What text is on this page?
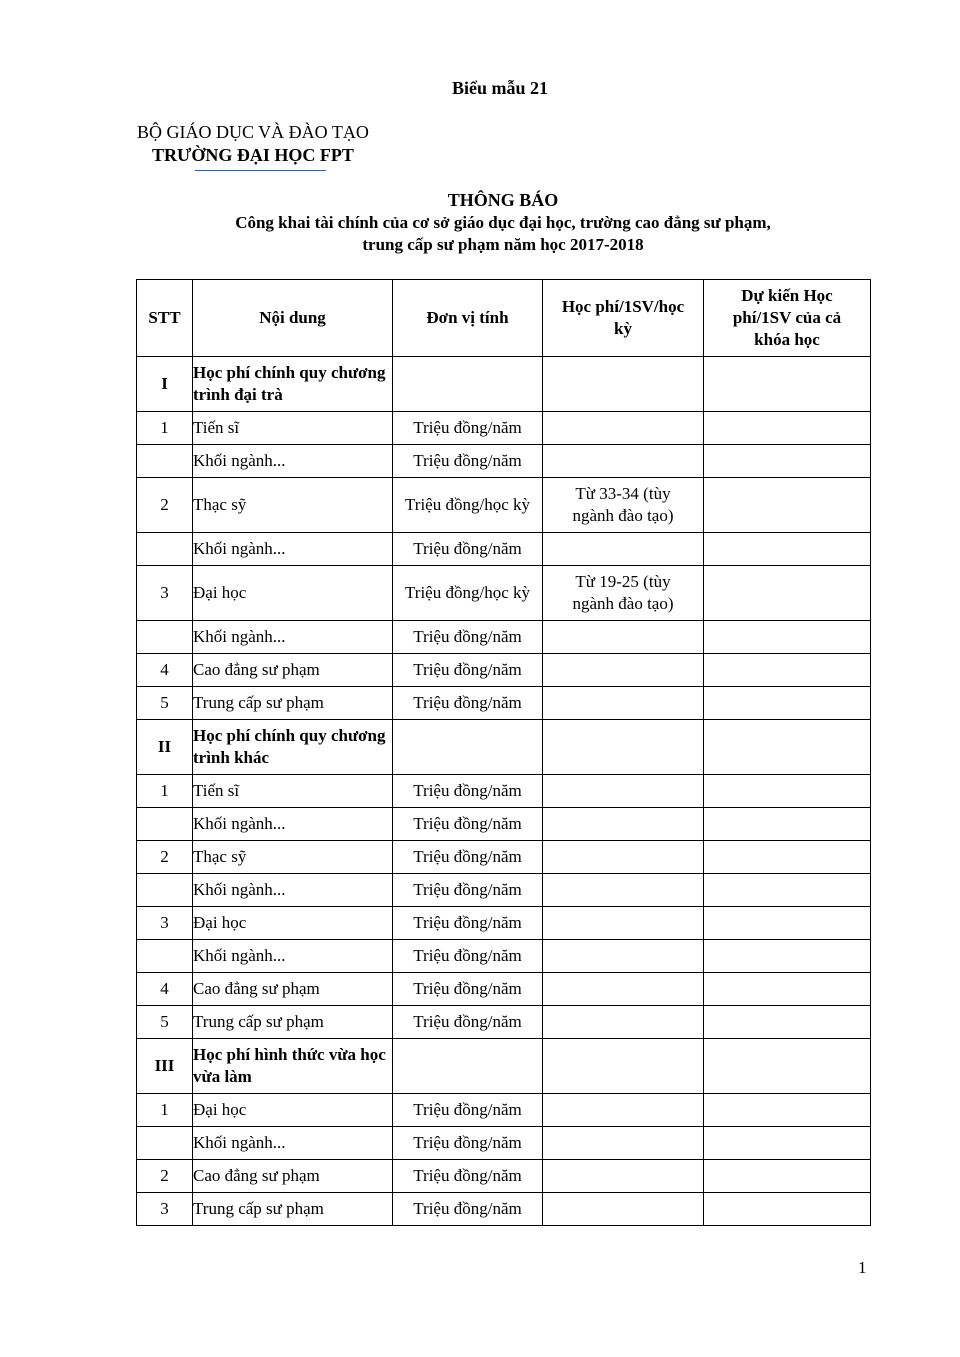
Biểu mẫu 21
BỘ GIÁO DỤC VÀ ĐÀO TẠO
TRƯỜNG ĐẠI HỌC FPT
THÔNG BÁO
Công khai tài chính của cơ sở giáo dục đại học, trường cao đẳng sư phạm,
trung cấp sư phạm năm học 2017-2018
STT	Nội dung	Đơn vị tính	Học phí/1SV/học kỳ	Dự kiến Học phí/1SV của cả khóa học
I	Học phí chính quy chương trình đại trà			
1	Tiến sĩ	Triệu đồng/năm		
	Khối ngành...	Triệu đồng/năm		
2	Thạc sỹ	Triệu đồng/học kỳ	Từ 33-34 (tùy ngành đào tạo)	
	Khối ngành...	Triệu đồng/năm		
3	Đại học	Triệu đồng/học kỳ	Từ 19-25 (tùy ngành đào tạo)	
	Khối ngành...	Triệu đồng/năm		
4	Cao đẳng sư phạm	Triệu đồng/năm		
5	Trung cấp sư phạm	Triệu đồng/năm		
II	Học phí chính quy chương trình khác			
1	Tiến sĩ	Triệu đồng/năm		
	Khối ngành...	Triệu đồng/năm		
2	Thạc sỹ	Triệu đồng/năm		
	Khối ngành...	Triệu đồng/năm		
3	Đại học	Triệu đồng/năm		
	Khối ngành...	Triệu đồng/năm		
4	Cao đẳng sư phạm	Triệu đồng/năm		
5	Trung cấp sư phạm	Triệu đồng/năm		
III	Học phí hình thức vừa học vừa làm			
1	Đại học	Triệu đồng/năm		
	Khối ngành...	Triệu đồng/năm		
2	Cao đẳng sư phạm	Triệu đồng/năm		
3	Trung cấp sư phạm	Triệu đồng/năm		
1
